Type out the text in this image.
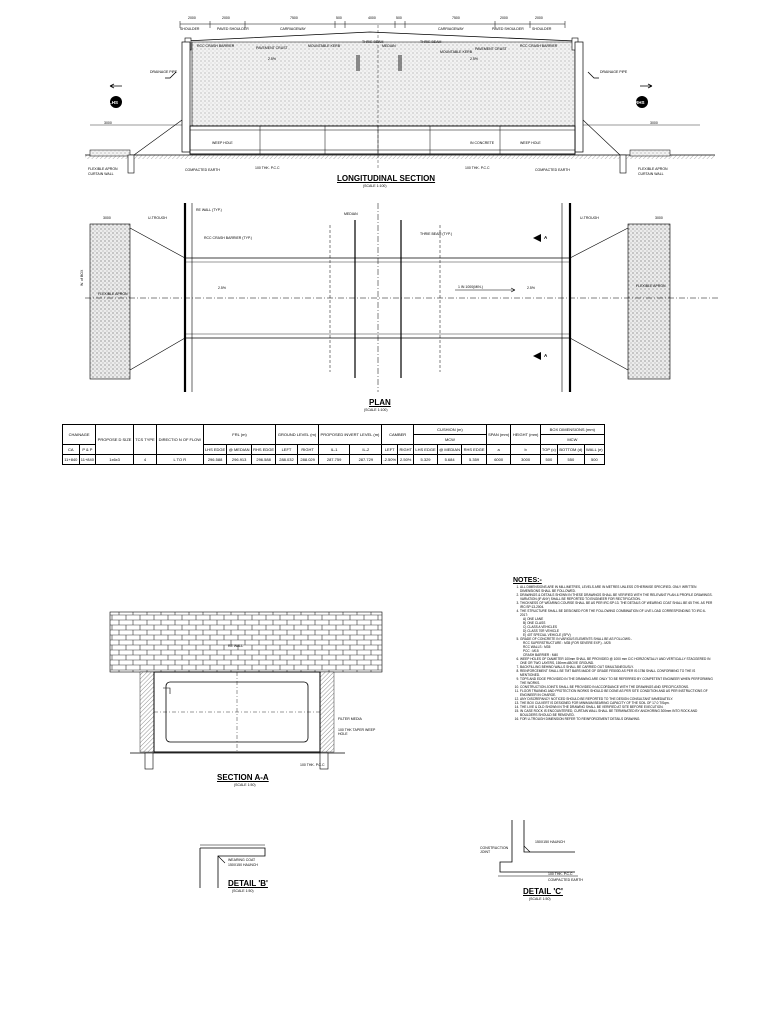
2000	2000	7500	500	4000	500	7500	2000	2000
SHOULDER	PAVED SHOULDER	CARRIAGEWAY	CARRIAGEWAY	PAVED SHOULDER SHOULDER
RCC CRASH BARRIER	PAVEMENT CRUST
2.5%
MOUNTABLE KERB
THRIE BEAM
MEDIAN
THRIE BEAM
MOUNTABLE KERB
PAVEMENT CRUST
2.5%
RCC CRASH BARRIER
DRAINAGE PIPE	DRAINAGE PIPE
LHS	RHS
3000	3000
WEEP HOLE	WEEP HOLE
IN CONCRETE
FLEXIBLE APRON
CURTAIN WALL
FLEXIBLE APRON
CURTAIN WALL
COMPACTED EARTH	100 THK. P.C.C	100 THK. P.C.C	COMPACTED EARTH
LONGITUDINAL SECTION
(SCALE 1:100)
RE WALL (TYP.)
3000	3000
U-TROUGH	U-TROUGH
RCC CRASH BARRIER (TYP.)
MEDIAN
THRIE BEAM (TYP.)
2.5%	2.5%
1 IN 1000(MIN.)
FLEXIBLE APRON
FLEXIBLE APRON
W. of BOX
A
A
PLAN
(SCALE 1:100)
CHAINAGE		PROPOSE D SIZE	TCS TYPE	DIRECTIO N OF FLOW	FRL (m)			GROUND LEVEL (m)		PROPOSED INVERT LEVEL (m)		CAMBER		CUSHION (m)			SPAN (mm)	HEIGHT (mm)	BOX DIMENSIONS (mm)		
														MCW					MCW		
CA	P & P				LHS EDGE	@ MEDIAN	RHS EDGE	LEFT	RIGHT	IL-1	IL-2	LEFT	RIGHT	LHS EDGE	@ MEDIAN	RHS EDGE	a	b	TOP (c)	BOTTOM (d)	WALL (e)
11+840	11+840	1x6x3	4	L TO R	296.588	296.913	296.588	288.032	288.029	287.759	287.729	-2.50%	2.50%	5.329	5.684	5.359	6000	3000	500	550	500
RE WALL
100 THK TAPER WEEP HOLE
FILTER MEDIA
100 THK. P.C.C
SECTION A-A
(SCALE 1:50)
WEARING COAT
150X150 HAUNCH
DETAIL 'B'
(SCALE 1:50)
CONSTRUCTION JOINT
150X150 HAUNCH
100 THK. P.C.C
COMPACTED EARTH
DETAIL 'C'
(SCALE 1:50)
NOTES:-
1. ALL DIMENSIONS ARE IN MILLIMETRES, LEVELS ARE IN METRES UNLESS OTHERWISE SPECIFIED. ONLY WRITTEN DIMENSIONS SHALL BE FOLLOWED.
2. DRAWINGS & DETAILS SHOWN IN THESE DRAWINGS SHALL BE VERIFIED WITH THE RELEVANT PLAN & PROFILE DRAWINGS. VARIATION (IF ANY) SHALL BE REPORTED TO ENGINEER FOR RECTIFICATION.
3. THICKNESS OF WEARING COURSE SHALL BE AS PER IRC:SP:13. THE DETAILS OF WEARING COAT SHALL BE 65 THK. AS PER IRC:SP:13-2004.
4. THE STRUCTURE SHALL BE DESIGNED FOR THE FOLLOWING COMBINATION OF LIVE LOAD CORRESPONDING TO IRC:6-2017:
A) ONE LANE
B) ONE CLASS
C) CLASS A VEHICLES
D) CLASS 70R VEHICLE
E) 40T SPECIAL VEHICLE (SPV)
5. GRADE OF CONCRETE IN VARIOUS ELEMENTS SHALL BE AS FOLLOWS:-
RCC SUPERSTRUCTURE : M35 (FOR SEVERE EXP.) - M25
RCC WALLS : M35
PCC : M15
CRASH BARRIER : M40
6. WEEP HOLES OF DIAMETER 100mm SHALL BE PROVIDED @ 1000 mm C/C HORIZONTALLY AND VERTICALLY STAGGERED IN ONE OR TWO LAYERS, 150mm ABOVE GROUND.
7. BACKFILLING BEHIND WALLS SHALL BE CARRIED OUT SIMULTANEOUSLY.
8. REINFORCEMENT SHALL BE TMT BARS MADE OF GRADE FE500D AS PER IS:1786 SHALL CONFORMING TO THE IS MENTIONED.
9. TOPS AND EDGE PROVIDED IN THE DRAWING ARE ONLY TO BE REFERRED BY COMPETENT ENGINEER WHEN PERFORMING THE WORKS.
10. CONSTRUCTION JOINTS SHALL BE PROVIDED IN ACCORDANCE WITH THE DRAWINGS AND SPECIFICATIONS.
11. FLOOR TRAINING AND PROTECTION WORKS SHOULD BE DONE AS PER SITE CONDITION AND AS PER INSTRUCTIONS OF ENGINEER IN CHARGE.
12. ANY DISCREPANCY NOTICED SHOULD BE REPORTED TO THE DESIGN CONSULTANT IMMEDIATELY.
13. THE BOX CULVERT IS DESIGNED FOR MINIMUM BEARING CAPACITY OF THE SOIL OF 17.0 T/Sqm.
14. THE LIVE & DLD SHOWN IN THE DRAWING SHALL BE VERIFIED AT SITE BEFORE EXECUTION.
15. IN CASE ROCK IS ENCOUNTERED, CURTAIN WALL SHALL BE TERMINATED BY ANCHORING 300mm INTO ROCK AND BOULDERS SHOULD BE REMOVED.
16. FOR U-TROUGH DIMENSION REFER TO REINFORCEMENT DETAILS DRAWING.
